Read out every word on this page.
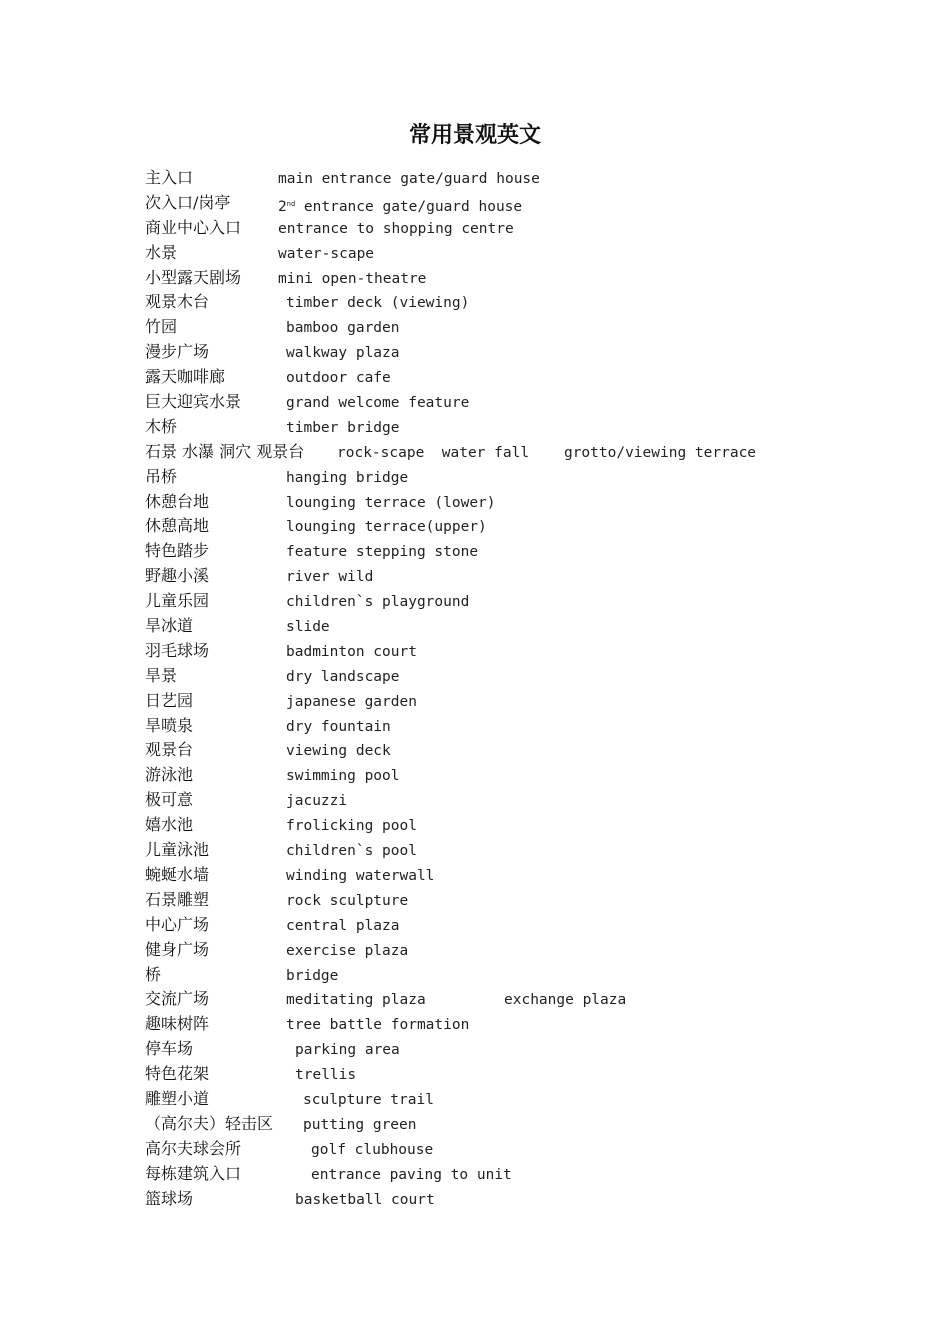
常用景观英文
主入口	main entrance gate/guard house
次入口/岗亭	2nd entrance gate/guard house
商业中心入口	entrance to shopping centre
水景	water-scape
小型露天剧场	mini open-theatre
观景木台	timber deck (viewing)
竹园	bamboo garden
漫步广场	walkway plaza
露天咖啡廊	outdoor cafe
巨大迎宾水景	grand welcome feature
木桥	timber bridge
石景 水瀑 洞穴 观景台 rock-scape  water fall    grotto/viewing terrace
吊桥	hanging bridge
休憩台地	lounging terrace (lower)
休憩高地	lounging terrace(upper)
特色踏步	feature stepping stone
野趣小溪	river wild
儿童乐园	children`s playground
旱冰道	slide
羽毛球场	badminton court
旱景	dry landscape
日艺园	japanese garden
旱喷泉	dry fountain
观景台	viewing deck
游泳池	swimming pool
极可意	jacuzzi
嬉水池	frolicking pool
儿童泳池	children`s pool
蜿蜒水墙	winding waterwall
石景雕塑	rock sculpture
中心广场	central plaza
健身广场	exercise plaza
桥	bridge
交流广场	meditating plaza	exchange plaza
趣味树阵	tree battle formation
停车场	parking area
特色花架	trellis
雕塑小道	sculpture trail
（高尔夫）轻击区 putting green
高尔夫球会所	golf clubhouse
每栋建筑入口	entrance paving to unit
篮球场	basketball court
